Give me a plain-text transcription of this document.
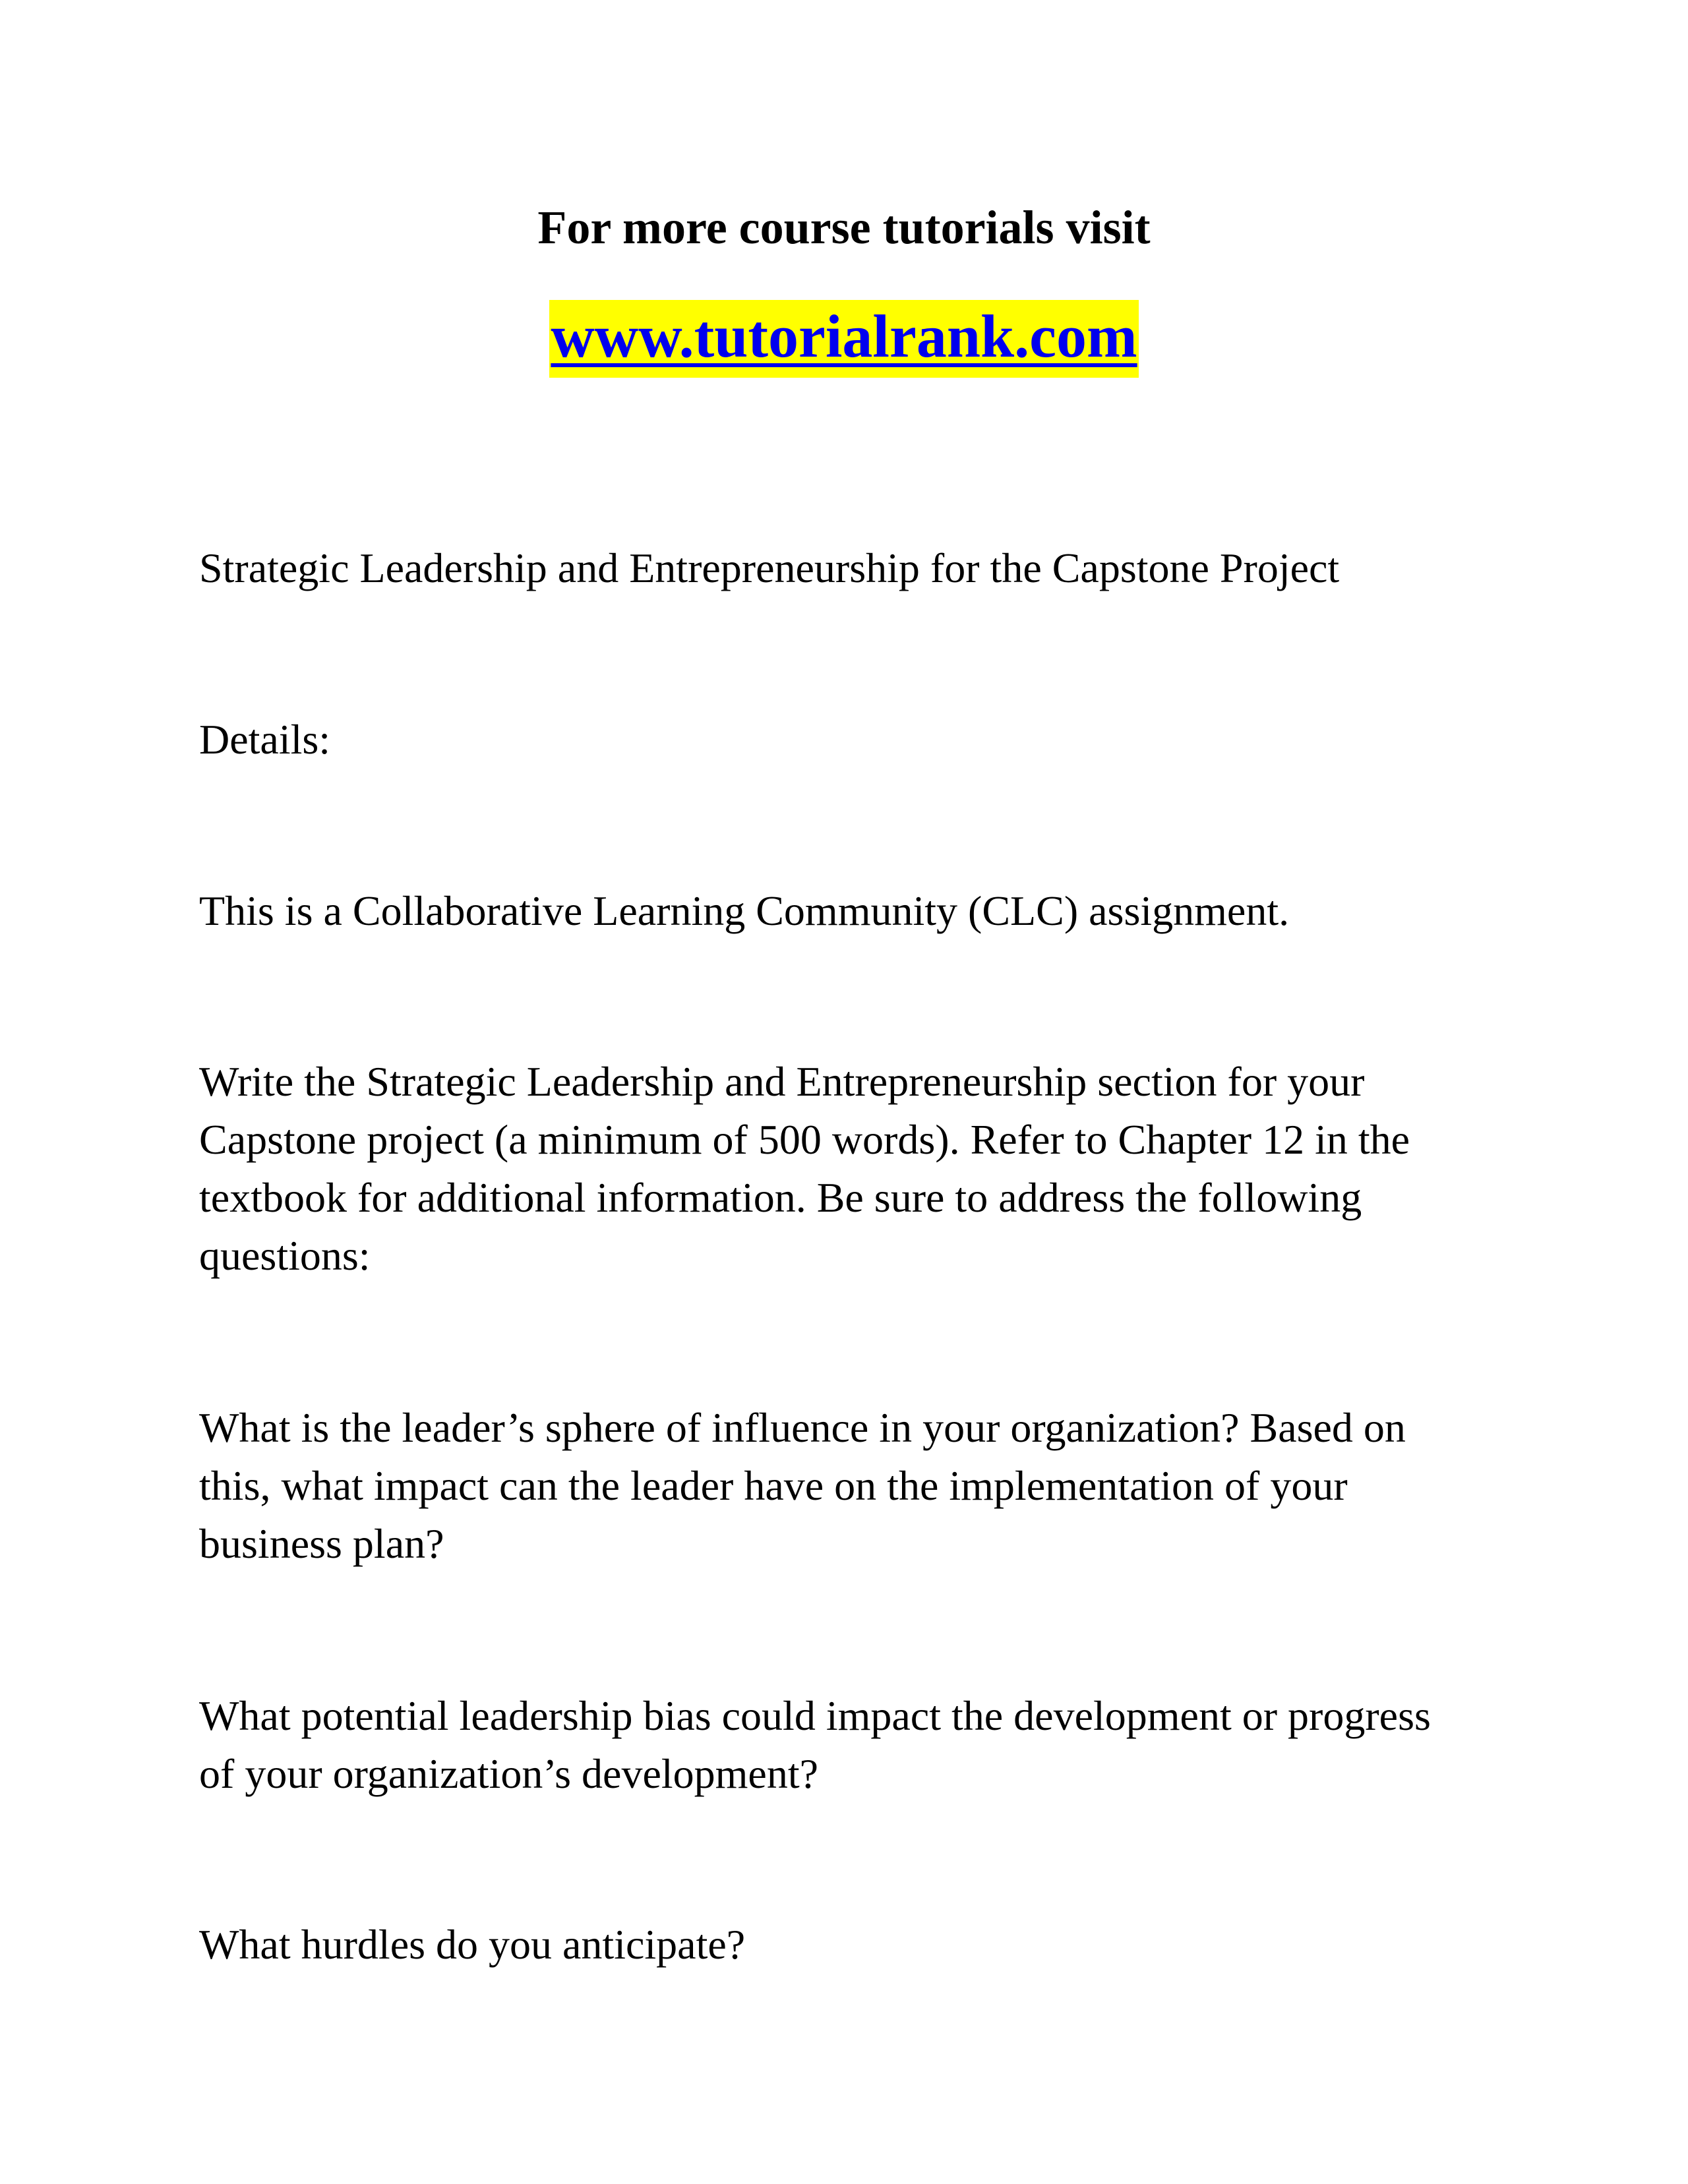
For more course tutorials visit
www.tutorialrank.com
Strategic Leadership and Entrepreneurship for the Capstone Project
Details:
This is a Collaborative Learning Community (CLC) assignment.
Write the Strategic Leadership and Entrepreneurship section for your
Capstone project (a minimum of 500 words). Refer to Chapter 12 in the
textbook for additional information. Be sure to address the following
questions:
What is the leader’s sphere of influence in your organization? Based on
this, what impact can the leader have on the implementation of your
business plan?
What potential leadership bias could impact the development or progress
of your organization’s development?
What hurdles do you anticipate?
